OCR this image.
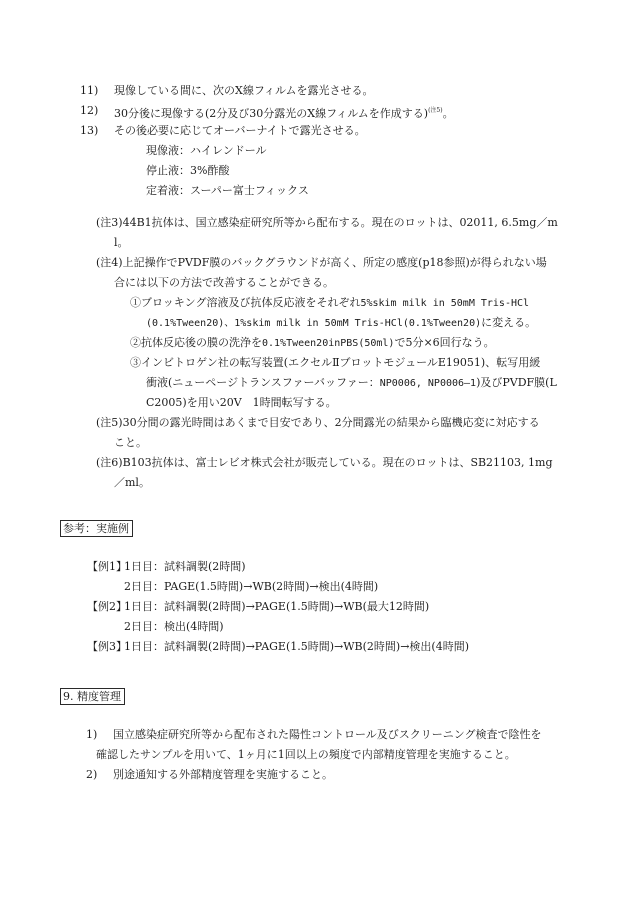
11) 現像している間に、次のX線フィルムを露光させる。
12) 30分後に現像する(2分及び30分露光のX線フィルムを作成する)$^{(注5)}$。
13) その後必要に応じてオーバーナイトで露光させる。
現像液：ハイレンドール
停止液：3%酢酸
定着液：スーパー富士フィックス
(注3)44B1抗体は、国立感染症研究所等から配布する。現在のロットは、02011, 6.5mg／m
l。
(注4)上記操作でPVDF膜のバックグラウンドが高く、所定の感度(p18参照)が得られない場
合には以下の方法で改善することができる。
①ブロッキング溶液及び抗体反応液をそれぞれ5%skim milk in 50mM Tris-HCl
(0.1%Tween20)、1%skim milk in 50mM Tris-HCl(0.1%Tween20)に変える。
②抗体反応後の膜の洗浄を0.1%Tween20inPBS(50ml)で5分×6回行なう。
③インビトロゲン社の転写装置(エクセルⅡブロットモジュールE19051)、転写用緩
衝液(ニューページトランスファーバッファー：NP0006, NP0006—1)及びPVDF膜(L
C2005)を用い20V　1時間転写する。
(注5)30分間の露光時間はあくまで目安であり、2分間露光の結果から臨機応変に対応する
こと。
(注6)B103抗体は、富士レビオ株式会社が販売している。現在のロットは、SB21103, 1mg
／ml。
参考：実施例
【例1】
1日目：試料調製(2時間)
2日目：PAGE(1.5時間)→WB(2時間)→検出(4時間)
【例2】
1日目：試料調製(2時間)→PAGE(1.5時間)→WB(最大12時間)
2日目：検出(4時間)
【例3】
1日目：試料調製(2時間)→PAGE(1.5時間)→WB(2時間)→検出(4時間)
9. 精度管理
1) 国立感染症研究所等から配布された陽性コントロール及びスクリーニング検査で陰性を
確認したサンプルを用いて、1ヶ月に1回以上の頻度で内部精度管理を実施すること。
2) 別途通知する外部精度管理を実施すること。
